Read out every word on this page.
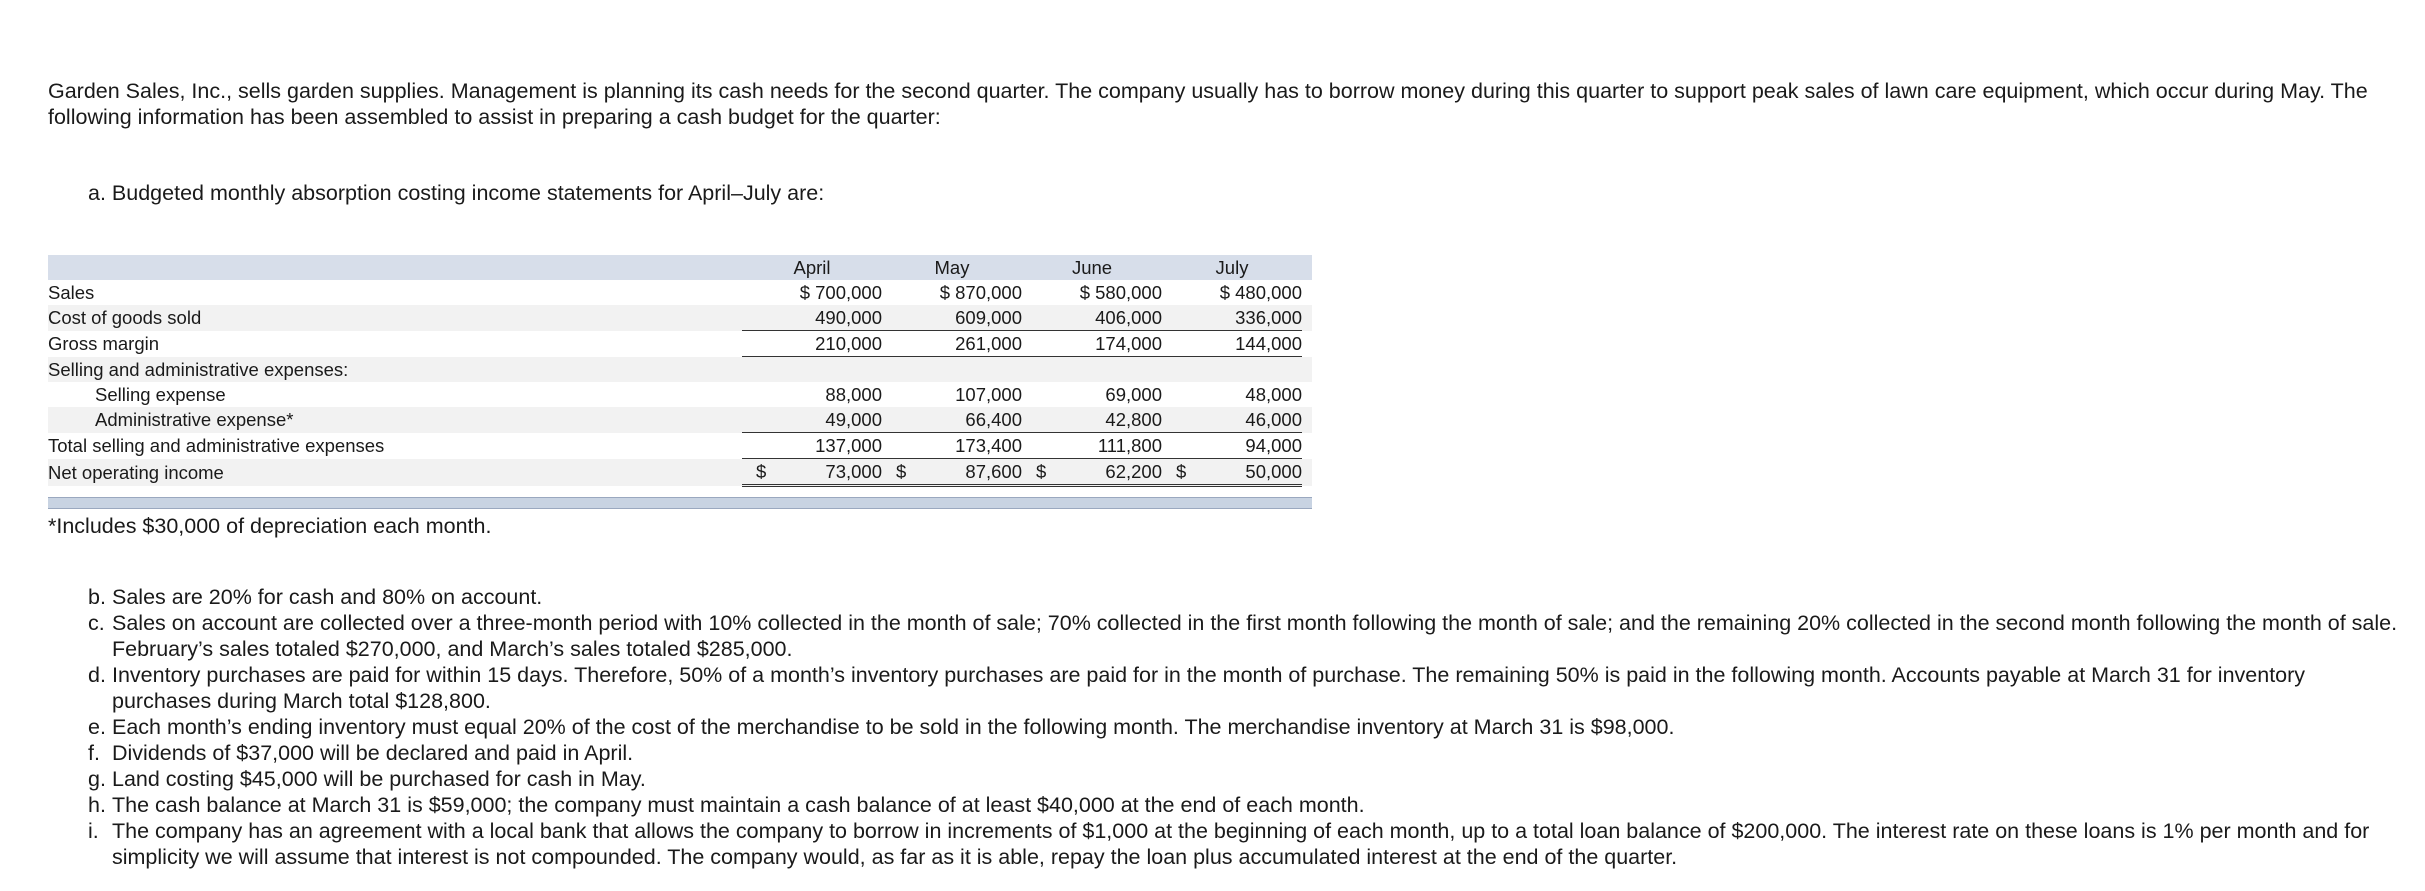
Garden Sales, Inc., sells garden supplies. Management is planning its cash needs for the second quarter. The company usually has to borrow money during this quarter to support peak sales of lawn care equipment, which occur during May. The following information has been assembled to assist in preparing a cash budget for the quarter:

a. Budgeted monthly absorption costing income statements for April–July are:
	April	May	June	July	
Sales	$ 700,000	$ 870,000	$ 580,000	$ 480,000	
Cost of goods sold	490,000	609,000	406,000	336,000	
Gross margin	210,000	261,000	174,000	144,000	
Selling and administrative expenses:					
Selling expense	88,000	107,000	69,000	48,000	
Administrative expense*	49,000	66,400	42,800	46,000	
Total selling and administrative expenses	137,000	173,400	111,800	94,000	
Net operating income	$ 73,000	$ 87,600	$ 62,200	$ 50,000	

*Includes $30,000 of depreciation each month.

b. Sales are 20% for cash and 80% on account.
c. Sales on account are collected over a three-month period with 10% collected in the month of sale; 70% collected in the first month following the month of sale; and the remaining 20% collected in the second month following the month of sale. February’s sales totaled $270,000, and March’s sales totaled $285,000.
d. Inventory purchases are paid for within 15 days. Therefore, 50% of a month’s inventory purchases are paid for in the month of purchase. The remaining 50% is paid in the following month. Accounts payable at March 31 for inventory purchases during March total $128,800.
e. Each month’s ending inventory must equal 20% of the cost of the merchandise to be sold in the following month. The merchandise inventory at March 31 is $98,000.
f. Dividends of $37,000 will be declared and paid in April.
g. Land costing $45,000 will be purchased for cash in May.
h. The cash balance at March 31 is $59,000; the company must maintain a cash balance of at least $40,000 at the end of each month.
i. The company has an agreement with a local bank that allows the company to borrow in increments of $1,000 at the beginning of each month, up to a total loan balance of $200,000. The interest rate on these loans is 1% per month and for simplicity we will assume that interest is not compounded. The company would, as far as it is able, repay the loan plus accumulated interest at the end of the quarter.
